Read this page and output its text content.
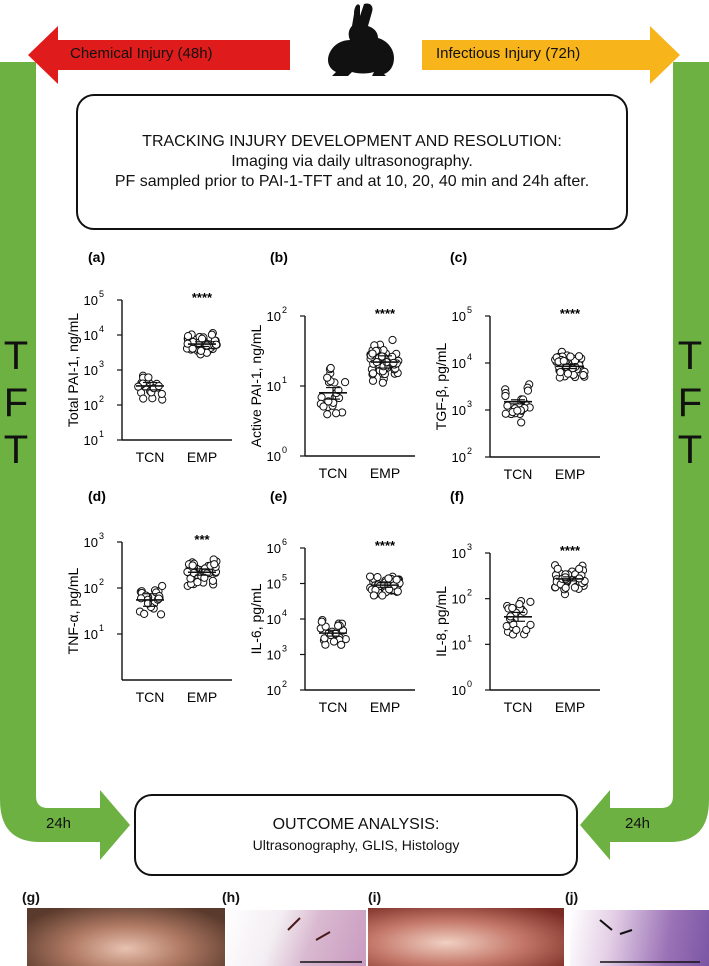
Chemical Injury (48h)	Infectious Injury (72h)
TRACKING INJURY DEVELOPMENT AND RESOLUTION:
Imaging via daily ultrasonography.
PF sampled prior to PAI-1-TFT and at 10, 20, 40 min and 24h after.
T
F
T
T
F
T
(a)
10 1
10 2
10 3
10 4
10 5
Total PAI-1, ng/mL
TCN EMP
****
(b)
10 0
10 1
10 2
Active PAI-1, ng/mL
TCN EMP
****
(c)
10 2
10 3
10 4
10 5
TGF-β, pg/mL
TCN EMP
****
(d)
10 1
10 2
10 3
TNF-α, pg/mL
TCN EMP
***
(e)
10 2
10 3
10 4
10 5
10 6
IL-6, pg/mL
TCN EMP
****
(f)
10 0
10 1
10 2
10 3
IL-8, pg/mL
TCN EMP
****
OUTCOME ANALYSIS:
Ultrasonography, GLIS, Histology
24h	24h
(g)	(h)	(i)	(j)
